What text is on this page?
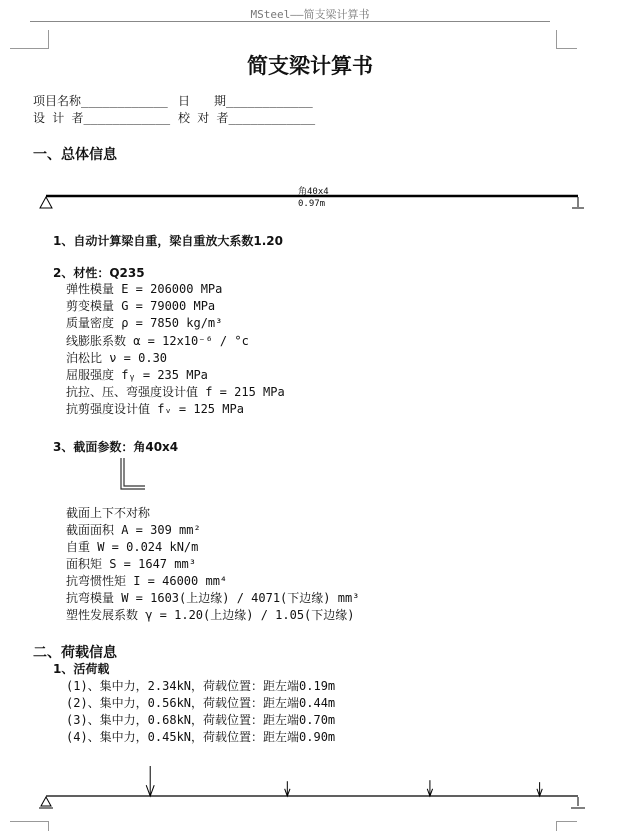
MSteel——简支梁计算书
简支梁计算书
项目名称____________ 日　　期____________
设 计 者____________ 校 对 者____________
一、总体信息
角40x4
0.97m
1、自动计算梁自重，梁自重放大系数1.20
2、材性：Q235
弹性模量 E = 206000 MPa
剪变模量 G = 79000 MPa
质量密度 ρ = 7850 kg/m³
线膨胀系数 α = 12x10⁻⁶ / °c
泊松比 ν = 0.30
屈服强度 fᵧ = 235 MPa
抗拉、压、弯强度设计值 f = 215 MPa
抗剪强度设计值 fᵥ = 125 MPa
3、截面参数：角40x4
截面上下不对称
截面面积 A = 309 mm²
自重 W = 0.024 kN/m
面积矩 S = 1647 mm³
抗弯惯性矩 I = 46000 mm⁴
抗弯模量 W = 1603(上边缘) / 4071(下边缘) mm³
塑性发展系数 γ = 1.20(上边缘) / 1.05(下边缘)
二、荷载信息
1、活荷载
(1)、集中力，2.34kN，荷载位置：距左端0.19m
(2)、集中力，0.56kN，荷载位置：距左端0.44m
(3)、集中力，0.68kN，荷载位置：距左端0.70m
(4)、集中力，0.45kN，荷载位置：距左端0.90m
